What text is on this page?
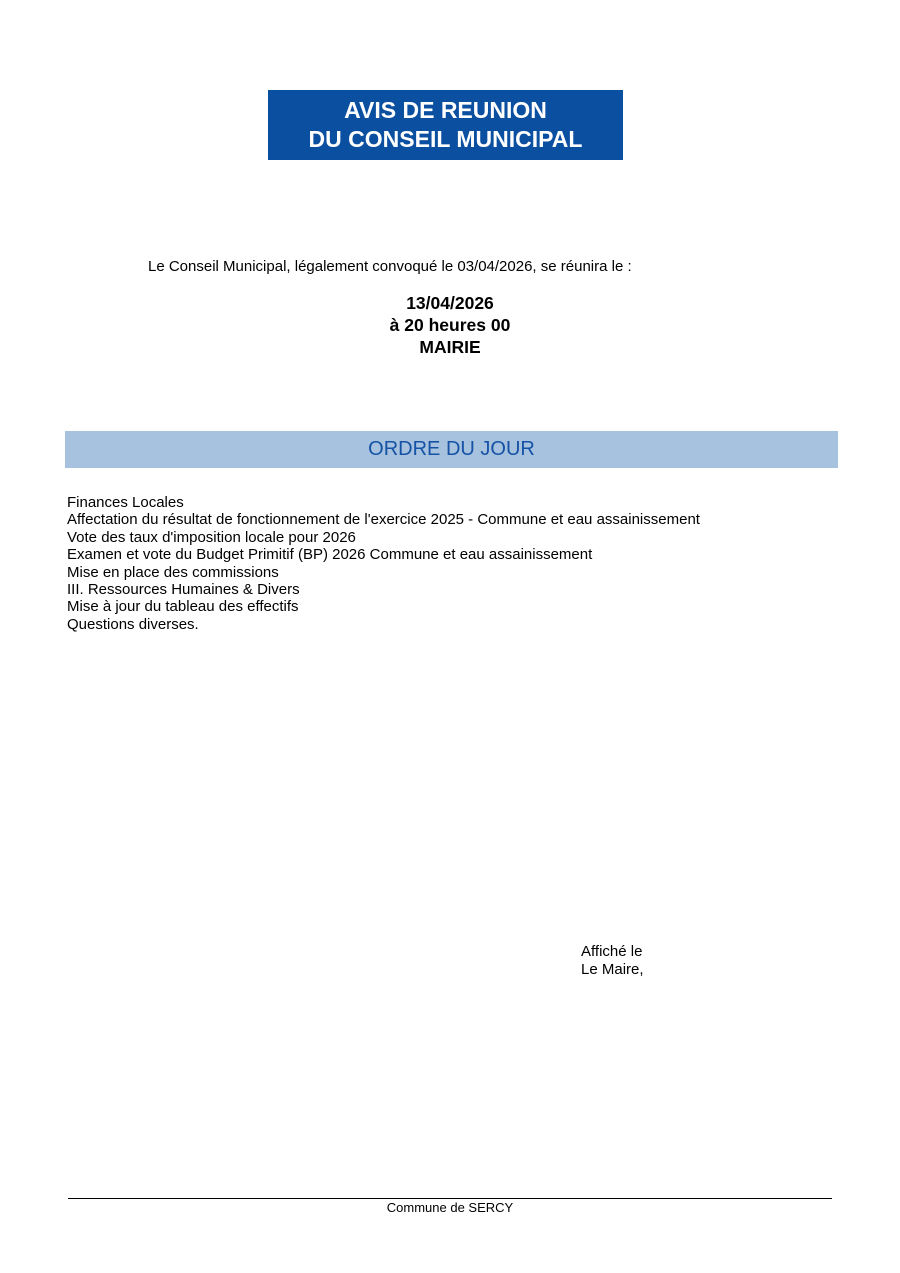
AVIS DE REUNION
DU CONSEIL MUNICIPAL
Le Conseil Municipal, légalement convoqué le 03/04/2026, se réunira le :
13/04/2026
à 20 heures 00
MAIRIE
ORDRE DU JOUR
Finances Locales
Affectation du résultat de fonctionnement de l'exercice 2025 - Commune et eau assainissement
Vote des taux d'imposition locale pour 2026
Examen et vote du Budget Primitif (BP) 2026 Commune et eau assainissement
Mise en place des commissions
III. Ressources Humaines & Divers
Mise à jour du tableau des effectifs
Questions diverses.
Affiché le
Le Maire,
Commune de SERCY
